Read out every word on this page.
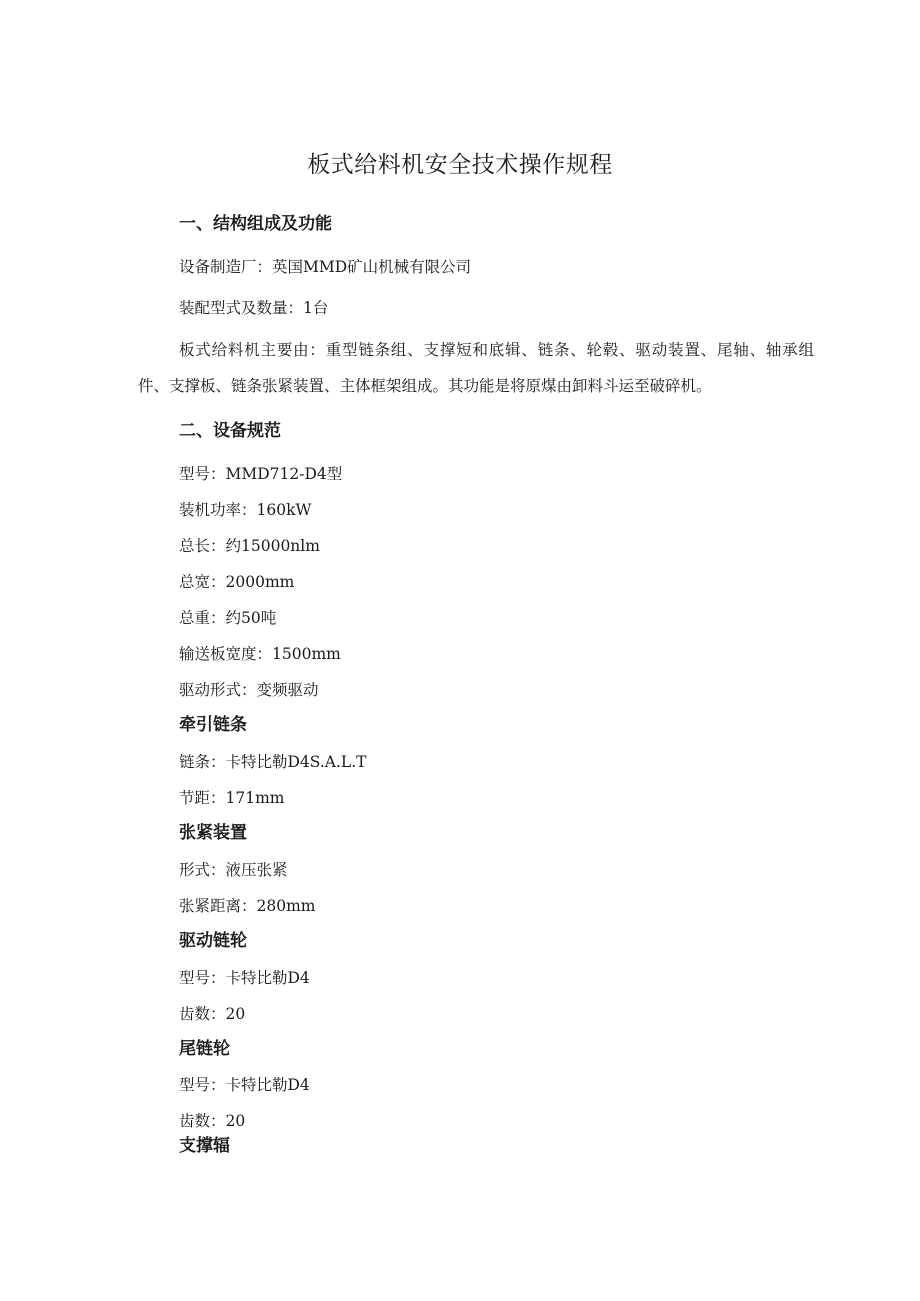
板式给料机安全技术操作规程
一、结构组成及功能
设备制造厂：英国MMD矿山机械有限公司
装配型式及数量：1台

板式给料机主要由：重型链条组、支撑短和底辑、链条、轮毂、驱动装置、尾轴、轴承组件、支撑板、链条张紧装置、主体框架组成。其功能是将原煤由卸料斗运至破碎机。

二、设备规范
型号：MMD712-D4型
装机功率：160kW
总长：约15000nlm
总宽：2000mm
总重：约50吨
输送板宽度：1500mm
驱动形式：变频驱动
牵引链条
链条：卡特比勒D4S.A.L.T
节距：171mm
张紧装置
形式：液压张紧
张紧距离：280mm
驱动链轮
型号：卡特比勒D4
齿数：20
尾链轮
型号：卡特比勒D4
齿数：20
支撑辐
